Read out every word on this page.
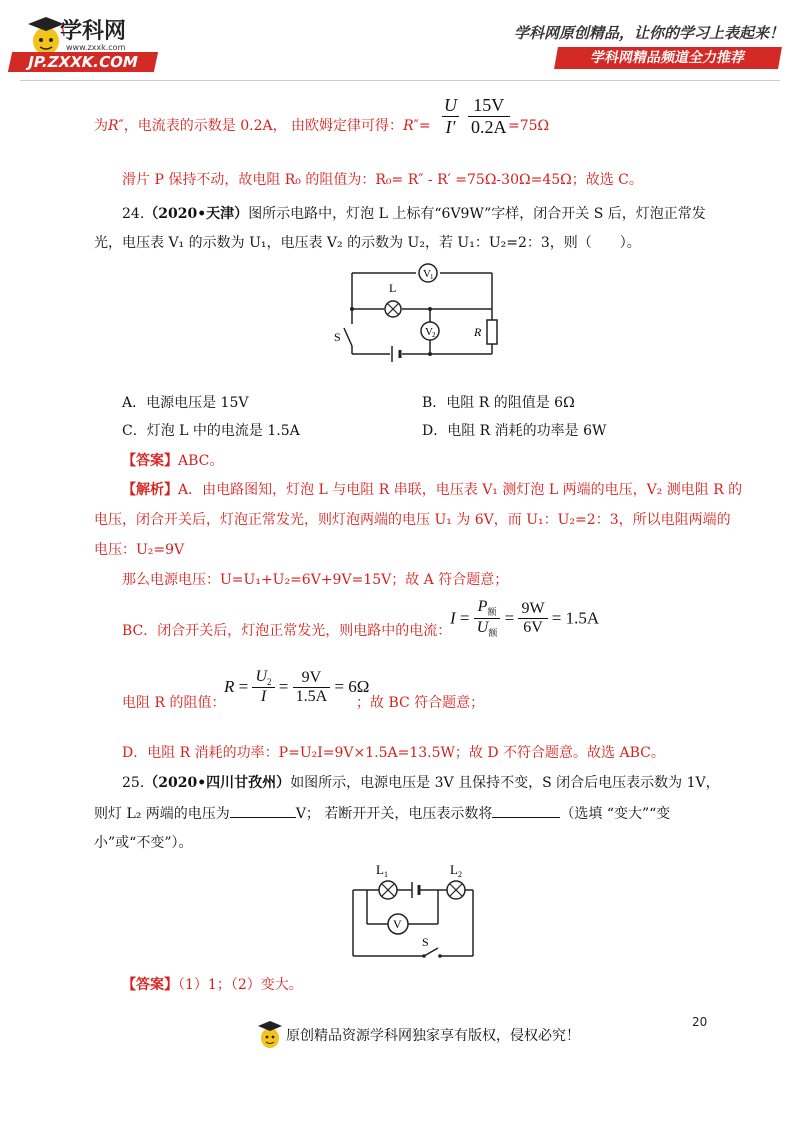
学科网
www.zxxk.com
JP.ZXXK.COM
学科网原创精品，让你的学习上表起来！
学科网精品频道全力推荐
为R″，电流表的示数是 0.2A， 由欧姆定律可得：$R''= \frac{U}{I'} \frac{15V}{0.2A}$
=75Ω
滑片 P 保持不动，故电阻 R₀ 的阻值为：R₀= R″ - R′ =75Ω-30Ω=45Ω；故选 C。
24.（2020•天津）图所示电路中，灯泡 L 上标有“6V9W”字样，闭合开关 S 后，灯泡正常发
光，电压表 V₁ 的示数为 U₁，电压表 V₂ 的示数为 U₂，若 U₁：U₂=2：3，则（　　）。
V 1
L
V 2	R
S
A．电源电压是 15V	B．电阻 R 的阻值是 6Ω
C．灯泡 L 中的电流是 1.5A	D．电阻 R 消耗的功率是 6W
【答案】ABC。
【解析】A．由电路图知，灯泡 L 与电阻 R 串联，电压表 V₁ 测灯泡 L 两端的电压，V₂ 测电阻 R 的
电压，闭合开关后，灯泡正常发光，则灯泡两端的电压 U₁ 为 6V，而 U₁：U₂=2：3，所以电阻两端的
电压：U₂=9V
那么电源电压：U=U₁+U₂=6V+9V=15V；故 A 符合题意；
BC．闭合开关后，灯泡正常发光，则电路中的电流：
$I = \frac{P_额}{U_额} = \frac{9W}{6V} = 1.5A$
电阻 R 的阻值：
$R = \frac{U_2}{I} = \frac{9V}{1.5A} = 6\Omega$
；故 BC 符合题意；
D．电阻 R 消耗的功率：P=U₂I=9V×1.5A=13.5W；故 D 不符合题意。故选 ABC。
25.（2020•四川甘孜州）如图所示，电源电压是 3V 且保持不变，S 闭合后电压表示数为 1V，
则灯 L₂ 两端的电压为	V； 若断开开关，电压表示数将	（选填 “变大”“变
小”或“不变”）。
V
L 1	L 2
S
【答案】（1）1；（2）变大。
20
原创精品资源学科网独家享有版权，侵权必究！
